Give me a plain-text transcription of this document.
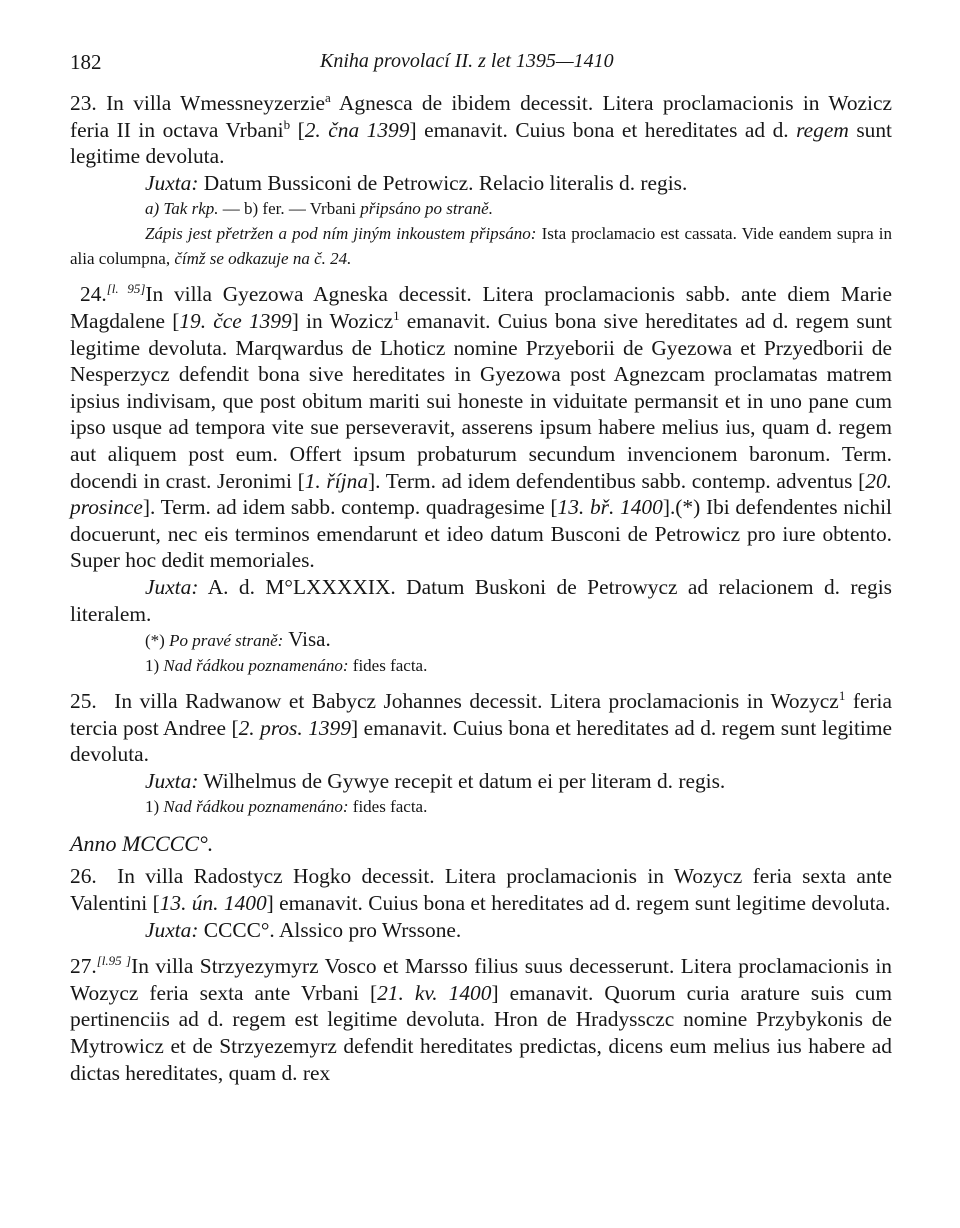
182	Kniha provolací II. z let 1395—1410
23. In villa Wmessneyzerzie$^a$ Agnesca de ibidem decessit. Litera proclamacionis in Wozicz feria II in octava Vrbani$^b$ [2. čna 1399] emanavit. Cuius bona et hereditates ad d. regem sunt legitime devoluta.
Juxta: Datum Bussiconi de Petrowicz. Relacio literalis d. regis.
a) Tak rkp. — b) fer. — Vrbani připsáno po straně.
Zápis jest přetržen a pod ním jiným inkoustem připsáno: Ista proclamacio est cassata. Vide eandem supra in alia columpna, čímž se odkazuje na č. 24.
24.[l. 95]In villa Gyezowa Agneska decessit. Litera proclamacionis sabb. ante diem Marie Magdalene [19. čce 1399] in Wozicz$^1$ emanavit. Cuius bona sive hereditates ad d. regem sunt legitime devoluta. Marqwardus de Lhoticz nomine Przyeborii de Gyezowa et Przyedborii de Nesperzycz defendit bona sive hereditates in Gyezowa post Agnezcam proclamatas matrem ipsius indivisam, que post obitum mariti sui honeste in viduitate permansit et in uno pane cum ipso usque ad tempora vite sue perseveravit, asserens ipsum habere melius ius, quam d. regem aut aliquem post eum. Offert ipsum probaturum secundum invencionem baronum. Term. docendi in crast. Jeronimi [1. října]. Term. ad idem defendentibus sabb. contemp. adventus [20. prosince]. Term. ad idem sabb. contemp. quadragesime [13. bř. 1400].(*) Ibi defendentes nichil docuerunt, nec eis terminos emendarunt et ideo datum Busconi de Petrowicz pro iure obtento. Super hoc dedit memoriales.
Juxta: A. d. M°LXXXXIX. Datum Buskoni de Petrowycz ad relacionem d. regis literalem.
(*) Po pravé straně: Visa.
1) Nad řádkou poznamenáno: fides facta.
25. In villa Radwanow et Babycz Johannes decessit. Litera proclamacionis in Wozycz$^1$ feria tercia post Andree [2. pros. 1399] emanavit. Cuius bona et hereditates ad d. regem sunt legitime devoluta.
Juxta: Wilhelmus de Gywye recepit et datum ei per literam d. regis.
1) Nad řádkou poznamenáno: fides facta.
Anno MCCCC°.
26. In villa Radostycz Hogko decessit. Litera proclamacionis in Wozycz feria sexta ante Valentini [13. ún. 1400] emanavit. Cuius bona et hereditates ad d. regem sunt legitime devoluta.
Juxta: CCCC°. Alssico pro Wrssone.
27.[l.95 ]In villa Strzyezymyrz Vosco et Marsso filius suus decesserunt. Litera proclamacionis in Wozycz feria sexta ante Vrbani [21. kv. 1400] emanavit. Quorum curia arature suis cum pertinenciis ad d. regem est legitime devoluta. Hron de Hradyssczc nomine Przybykonis de Mytrowicz et de Strzyezemyrz defendit hereditates predictas, dicens eum melius ius habere ad dictas hereditates, quam d. rex
